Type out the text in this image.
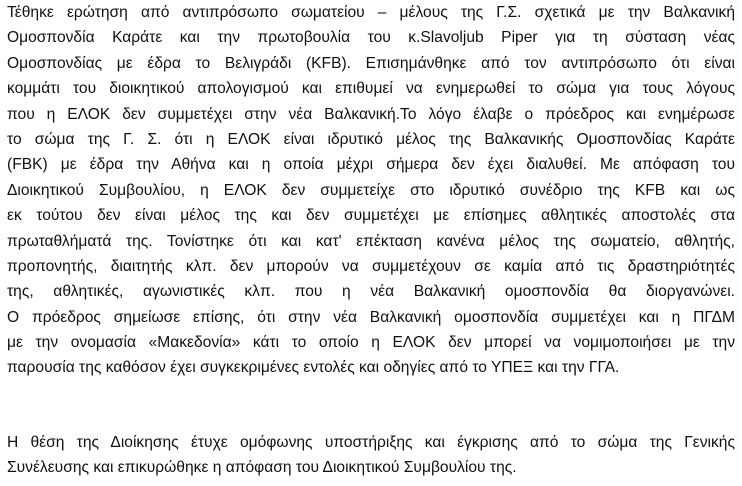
Τέθηκε ερώτηση από αντιπρόσωπο σωματείου – μέλους της Γ.Σ. σχετικά με την Βαλκανική
Ομοσπονδία Καράτε και την πρωτοβουλία του κ.Slavoljub Piper για τη σύσταση νέας
Ομοσπονδίας με έδρα το Βελιγράδι (KFB). Επισημάνθηκε από τον αντιπρόσωπο ότι είναι
κομμάτι του διοικητικού απολογισμού και επιθυμεί να ενημερωθεί το σώμα για τους λόγους
που η ΕΛΟΚ δεν συμμετέχει στην νέα Βαλκανική.Το λόγο έλαβε ο πρόεδρος και ενημέρωσε
το σώμα της Γ. Σ. ότι η ΕΛΟΚ είναι ιδρυτικό μέλος της Βαλκανικής Ομοσπονδίας Καράτε
(FBK) με έδρα την Αθήνα και η οποία μέχρι σήμερα δεν έχει διαλυθεί. Με απόφαση του
Διοικητικού Συμβουλίου, η ΕΛΟΚ δεν συμμετείχε στο ιδρυτικό συνέδριο της KFB και ως
εκ τούτου δεν είναι μέλος της και δεν συμμετέχει με επίσημες αθλητικές αποστολές στα
πρωταθλήματά της. Τονίστηκε ότι και κατ' επέκταση κανένα μέλος της σωματείο, αθλητής,
προπονητής, διαιτητής κλπ. δεν μπορούν να συμμετέχουν σε καμία από τις δραστηριότητές
της, αθλητικές, αγωνιστικές κλπ. που η νέα Βαλκανική ομοσπονδία θα διοργανώνει.
Ο πρόεδρος σημείωσε επίσης, ότι στην νέα Βαλκανική ομοσπονδία συμμετέχει και η ΠΓΔΜ
με την ονομασία «Μακεδονία» κάτι το οποίο η ΕΛΟΚ δεν μπορεί να νομιμοποιήσει με την
παρουσία της καθόσον έχει συγκεκριμένες εντολές και οδηγίες από το ΥΠΕΞ και την ΓΓΑ.
Η θέση της Διοίκησης έτυχε ομόφωνης υποστήριξης και έγκρισης από το σώμα της Γενικής
Συνέλευσης και επικυρώθηκε η απόφαση του Διοικητικού Συμβουλίου της.
